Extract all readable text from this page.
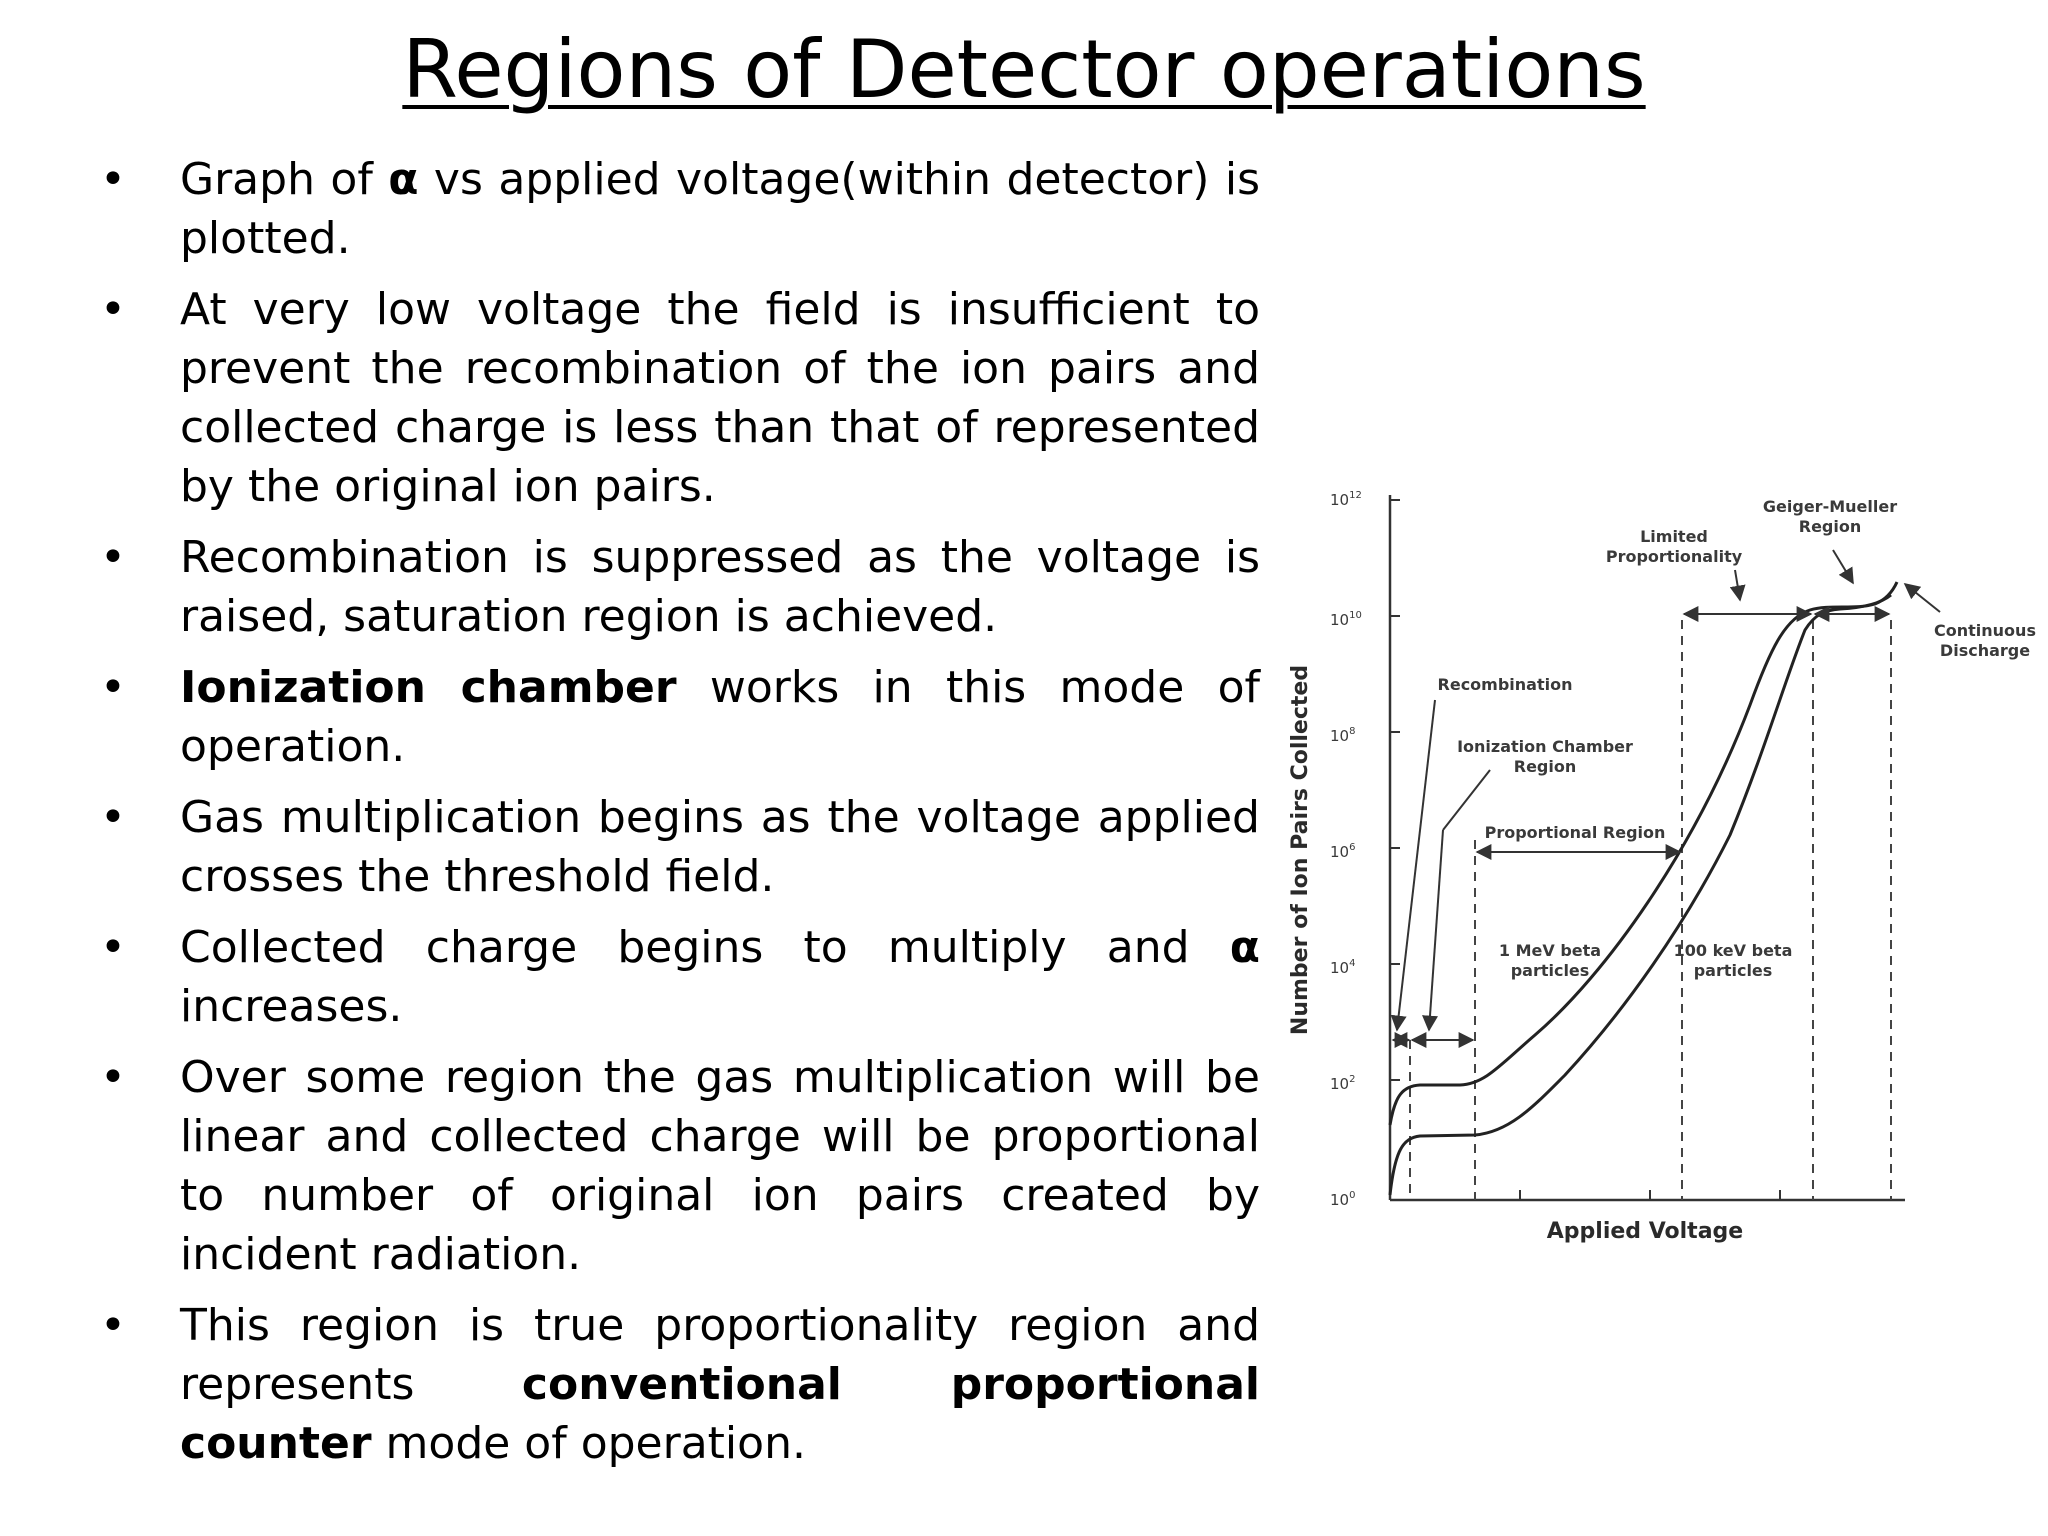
Regions of Detector operations
•	Graph of α vs applied voltage(within detector) is plotted.
•	At very low voltage the field is insufficient to prevent the recombination of the ion pairs and collected charge is less than that of represented by the original ion pairs.
•	Recombination is suppressed as the voltage is raised, saturation region is achieved.
•	Ionization chamber works in this mode of operation.
•	Gas multiplication begins as the voltage applied crosses the threshold field.
•	Collected charge begins to multiply and α increases.
•	Over some region the gas multiplication will be linear and collected charge will be proportional to number of original ion pairs created by incident radiation.
•	This region is true proportionality region and represents conventional proportional counter mode of operation.
$10^0$
$10^2$
$10^4$
$10^6$
$10^8$
$10^{10}$
$10^{12}$
Applied Voltage
Number of Ion Pairs Collected
Geiger-Mueller Region
Limited Proportionality
Continuous Discharge
Recombination
Ionization Chamber Region
Proportional Region
1 MeV beta particles
100 keV beta particles
